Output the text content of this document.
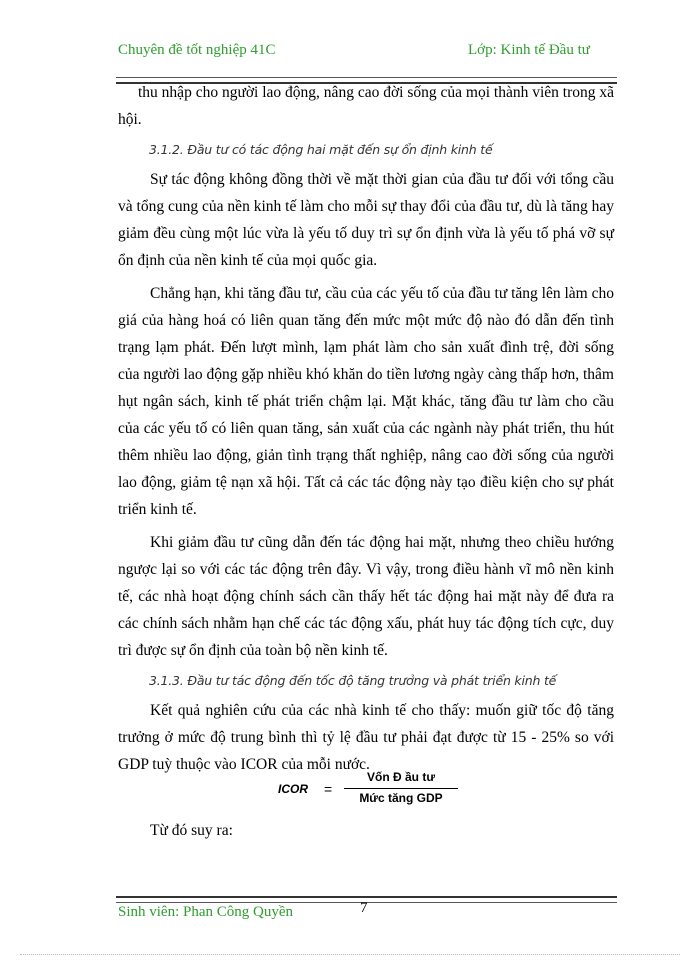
Chuyên đề tốt nghiệp 41C	Lớp: Kinh tế Đầu tư

thu nhập cho người lao động, nâng cao đời sống của mọi thành viên trong xã hội.

3.1.2. Đầu tư có tác động hai mặt đến sự ổn định kinh tế

Sự tác động không đồng thời về mặt thời gian của đầu tư đối với tổng cầu và tổng cung của nền kinh tế làm cho mỗi sự thay đổi của đầu tư, dù là tăng hay giảm đều cùng một lúc vừa là yếu tố duy trì sự ổn định vừa là yếu tố phá vỡ sự ổn định của nền kinh tế của mọi quốc gia.

Chẳng hạn, khi tăng đầu tư, cầu của các yếu tố của đầu tư tăng lên làm cho giá của hàng hoá có liên quan tăng đến mức một mức độ nào đó dẫn đến tình trạng lạm phát. Đến lượt mình, lạm phát làm cho sản xuất đình trệ, đời sống của người lao động gặp nhiều khó khăn do tiền lương ngày càng thấp hơn, thâm hụt ngân sách, kinh tế phát triển chậm lại. Mặt khác, tăng đầu tư làm cho cầu của các yếu tố có liên quan tăng, sản xuất của các ngành này phát triển, thu hút thêm nhiều lao động, giản tình trạng thất nghiệp, nâng cao đời sống của người lao động, giảm tệ nạn xã hội. Tất cả các tác động này tạo điều kiện cho sự phát triển kinh tế.

Khi giảm đầu tư cũng dẫn đến tác động hai mặt, nhưng theo chiều hướng ngược lại so với các tác động trên đây. Vì vậy, trong điều hành vĩ mô nền kinh tế, các nhà hoạt động chính sách cần thấy hết tác động hai mặt này để đưa ra các chính sách nhằm hạn chế các tác động xấu, phát huy tác động tích cực, duy trì được sự ổn định của toàn bộ nền kinh tế.

3.1.3. Đầu tư tác động đến tốc độ tăng trưởng và phát triển kinh tế

Kết quả nghiên cứu của các nhà kinh tế cho thấy: muốn giữ tốc độ tăng trưởng ở mức độ trung bình thì tỷ lệ đầu tư phải đạt được từ 15 - 25% so với GDP tuỳ thuộc vào ICOR của mỗi nước.

ICOR =
Vốn Đ ầu tư
Mức tăng GDP
Từ đó suy ra:
Sinh viên: Phan Công Quyền	7
